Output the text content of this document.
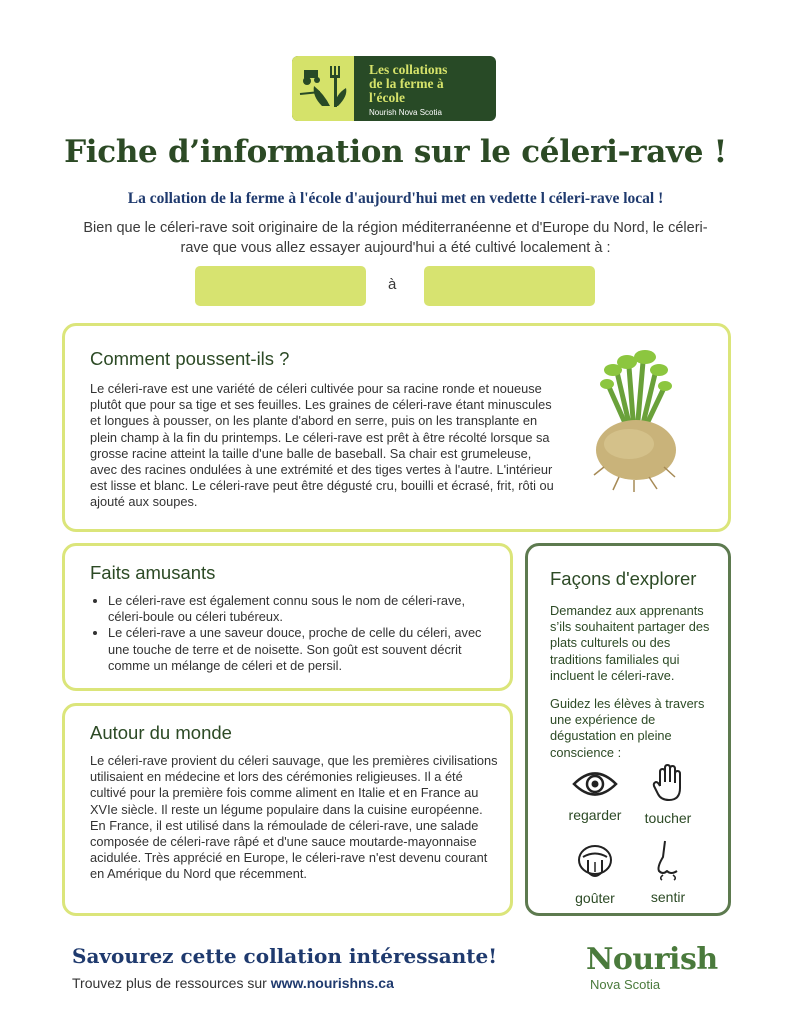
Les collations
de la ferme à
l'école
Nourish Nova Scotia
Fiche d’information sur le céleri-rave !
La collation de la ferme à l'école d'aujourd'hui met en vedette l céleri-rave local !
Bien que le céleri-rave soit originaire de la région méditerranéenne et d'Europe du Nord, le céleri-rave que vous allez essayer aujourd'hui a été cultivé localement à :
à
Comment poussent-ils ?

Le céleri-rave est une variété de céleri cultivée pour sa racine ronde et noueuse plutôt que pour sa tige et ses feuilles. Les graines de céleri-rave étant minuscules et longues à pousser, on les plante d'abord en serre, puis on les transplante en plein champ à la fin du printemps. Le céleri-rave est prêt à être récolté lorsque sa grosse racine atteint la taille d'une balle de baseball. Sa chair est grumeleuse, avec des racines ondulées à une extrémité et des tiges vertes à l'autre. L'intérieur est lisse et blanc. Le céleri-rave peut être dégusté cru, bouilli et écrasé, frit, rôti ou ajouté aux soupes.

Faits amusants
• Le céleri-rave est également connu sous le nom de céleri-rave, céleri-boule ou céleri tubéreux.
• Le céleri-rave a une saveur douce, proche de celle du céleri, avec une touche de terre et de noisette. Son goût est souvent décrit comme un mélange de céleri et de persil.
Autour du monde

Le céleri-rave provient du céleri sauvage, que les premières civilisations utilisaient en médecine et lors des cérémonies religieuses. Il a été cultivé pour la première fois comme aliment en Italie et en France au XVIe siècle. Il reste un légume populaire dans la cuisine européenne. En France, il est utilisé dans la rémoulade de céleri-rave, une salade composée de céleri-rave râpé et d'une sauce moutarde-mayonnaise acidulée. Très apprécié en Europe, le céleri-rave n'est devenu courant en Amérique du Nord que récemment.

Façons d'explorer

Demandez aux apprenants s’ils souhaitent partager des plats culturels ou des traditions familiales qui incluent le céleri-rave.

Guidez les élèves à travers une expérience de dégustation en pleine conscience :

regarder	toucher
goûter	sentir
Savourez cette collation intéressante!
Trouvez plus de ressources sur www.nourishns.ca
Nourish
Nova Scotia
